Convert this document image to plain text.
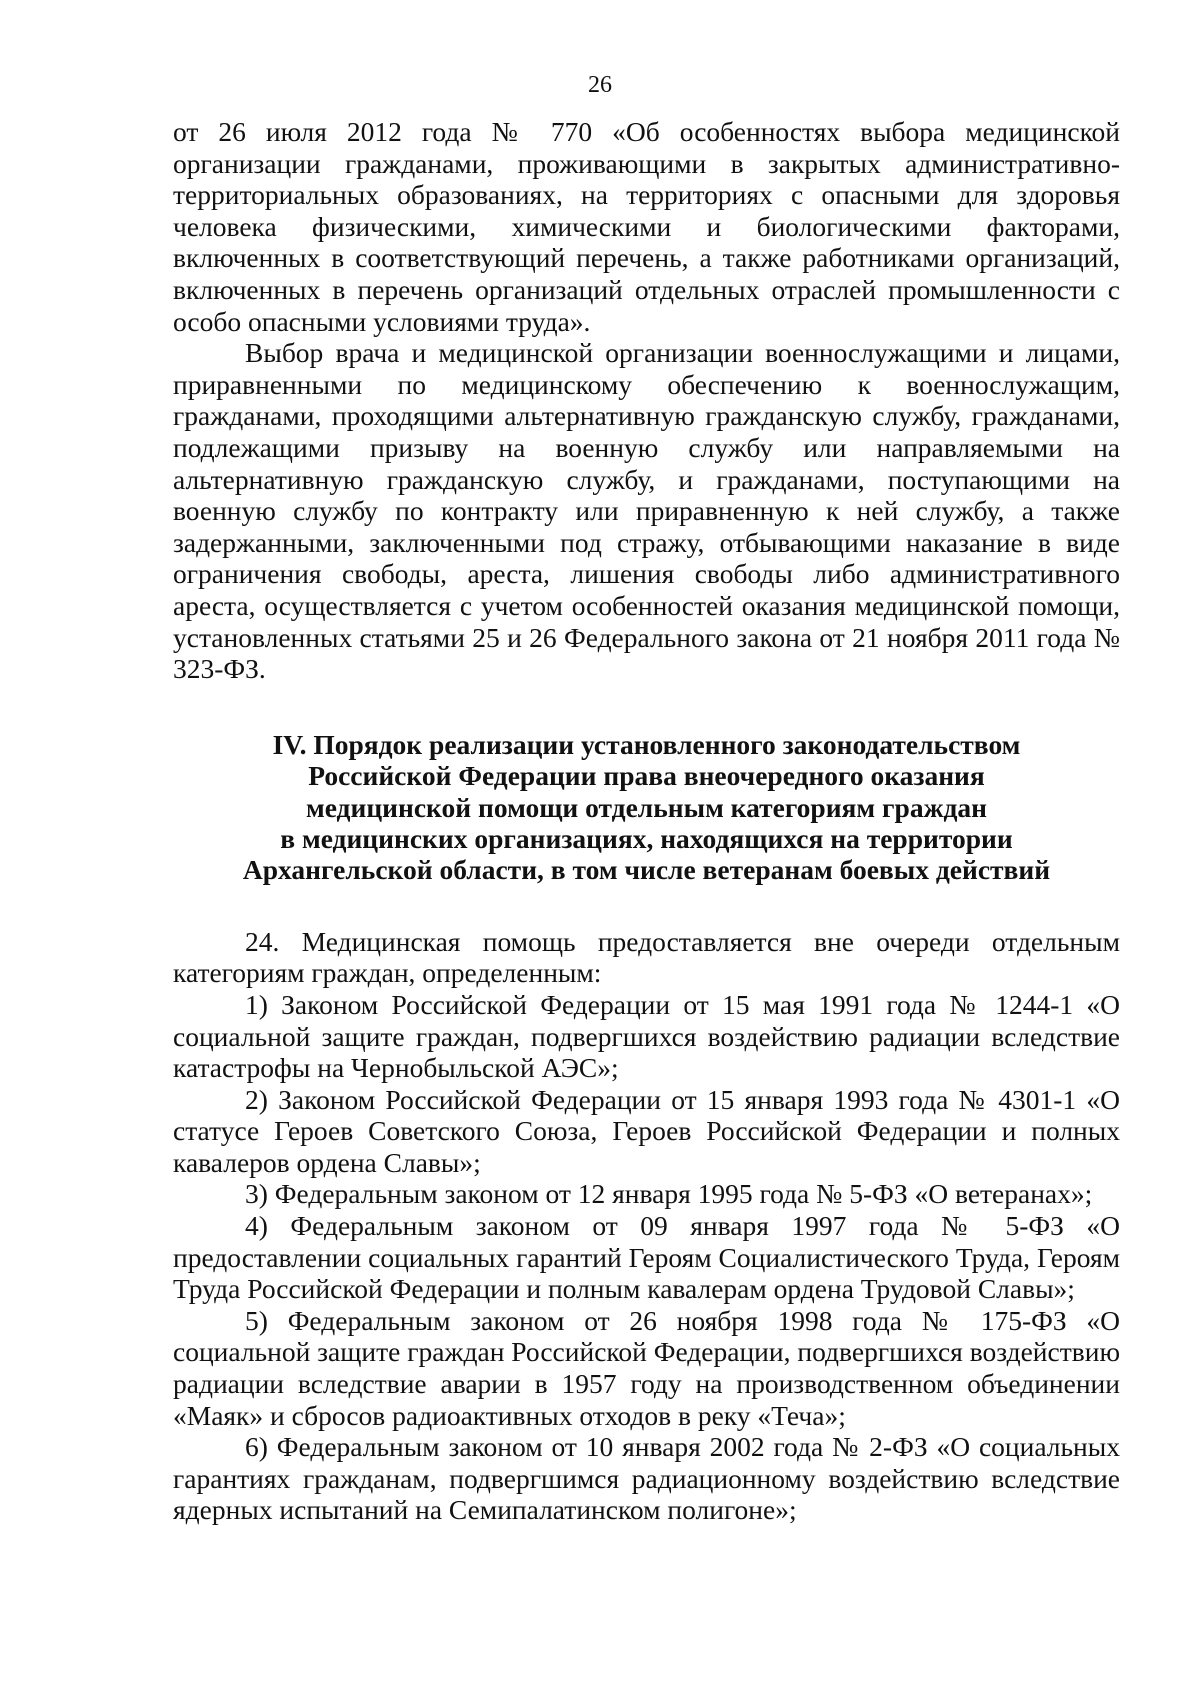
26

от 26 июля 2012 года № 770 «Об особенностях выбора медицинской организации гражданами, проживающими в закрытых административно-территориальных образованиях, на территориях с опасными для здоровья человека физическими, химическими и биологическими факторами, включенных в соответствующий перечень, а также работниками организаций, включенных в перечень организаций отдельных отраслей промышленности с особо опасными условиями труда».

Выбор врача и медицинской организации военнослужащими и лицами, приравненными по медицинскому обеспечению к военнослужащим, гражданами, проходящими альтернативную гражданскую службу, гражданами, подлежащими призыву на военную службу или направляемыми на альтернативную гражданскую службу, и гражданами, поступающими на военную службу по контракту или приравненную к ней службу, а также задержанными, заключенными под стражу, отбывающими наказание в виде ограничения свободы, ареста, лишения свободы либо административного ареста, осуществляется с учетом особенностей оказания медицинской помощи, установленных статьями 25 и 26 Федерального закона от 21 ноября 2011 года № 323-ФЗ.

IV. Порядок реализации установленного законодательством
Российской Федерации права внеочередного оказания
медицинской помощи отдельным категориям граждан
в медицинских организациях, находящихся на территории
Архангельской области, в том числе ветеранам боевых действий

24. Медицинская помощь предоставляется вне очереди отдельным категориям граждан, определенным:

1) Законом Российской Федерации от 15 мая 1991 года № 1244-1 «О социальной защите граждан, подвергшихся воздействию радиации вследствие катастрофы на Чернобыльской АЭС»;

2) Законом Российской Федерации от 15 января 1993 года № 4301-1 «О статусе Героев Советского Союза, Героев Российской Федерации и полных кавалеров ордена Славы»;

3) Федеральным законом от 12 января 1995 года № 5-ФЗ «О ветеранах»;

4) Федеральным законом от 09 января 1997 года № 5-ФЗ «О предоставлении социальных гарантий Героям Социалистического Труда, Героям Труда Российской Федерации и полным кавалерам ордена Трудовой Славы»;

5) Федеральным законом от 26 ноября 1998 года № 175-ФЗ «О социальной защите граждан Российской Федерации, подвергшихся воздействию радиации вследствие аварии в 1957 году на производственном объединении «Маяк» и сбросов радиоактивных отходов в реку «Теча»;

6) Федеральным законом от 10 января 2002 года № 2-ФЗ «О социальных гарантиях гражданам, подвергшимся радиационному воздействию вследствие ядерных испытаний на Семипалатинском полигоне»;
